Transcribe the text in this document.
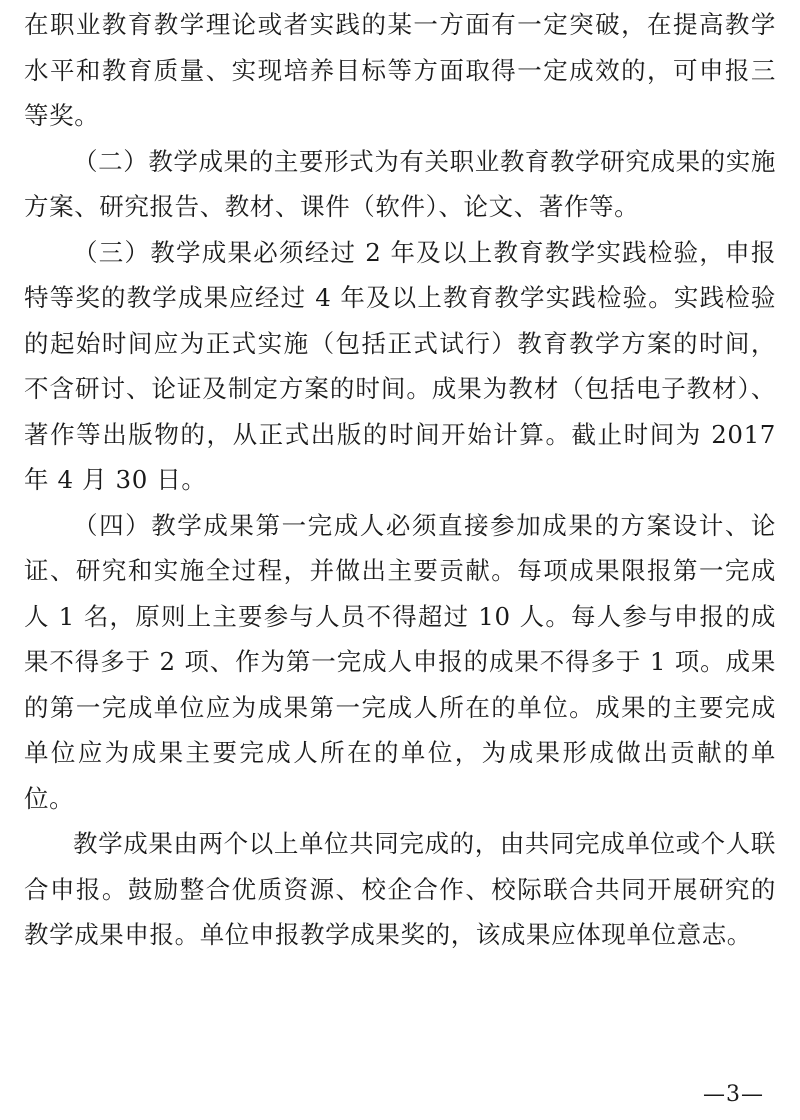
在职业教育教学理论或者实践的某一方面有一定突破，在提高教学水平和教育质量、实现培养目标等方面取得一定成效的，可申报三等奖。

（二）教学成果的主要形式为有关职业教育教学研究成果的实施方案、研究报告、教材、课件（软件）、论文、著作等。

（三）教学成果必须经过 2 年及以上教育教学实践检验，申报特等奖的教学成果应经过 4 年及以上教育教学实践检验。实践检验的起始时间应为正式实施（包括正式试行）教育教学方案的时间，不含研讨、论证及制定方案的时间。成果为教材（包括电子教材）、著作等出版物的，从正式出版的时间开始计算。截止时间为 2017 年 4 月 30 日。

（四）教学成果第一完成人必须直接参加成果的方案设计、论证、研究和实施全过程，并做出主要贡献。每项成果限报第一完成人 1 名，原则上主要参与人员不得超过 10 人。每人参与申报的成果不得多于 2 项、作为第一完成人申报的成果不得多于 1 项。成果的第一完成单位应为成果第一完成人所在的单位。成果的主要完成单位应为成果主要完成人所在的单位，为成果形成做出贡献的单位。

教学成果由两个以上单位共同完成的，由共同完成单位或个人联合申报。鼓励整合优质资源、校企合作、校际联合共同开展研究的教学成果申报。单位申报教学成果奖的，该成果应体现单位意志。

—3—
